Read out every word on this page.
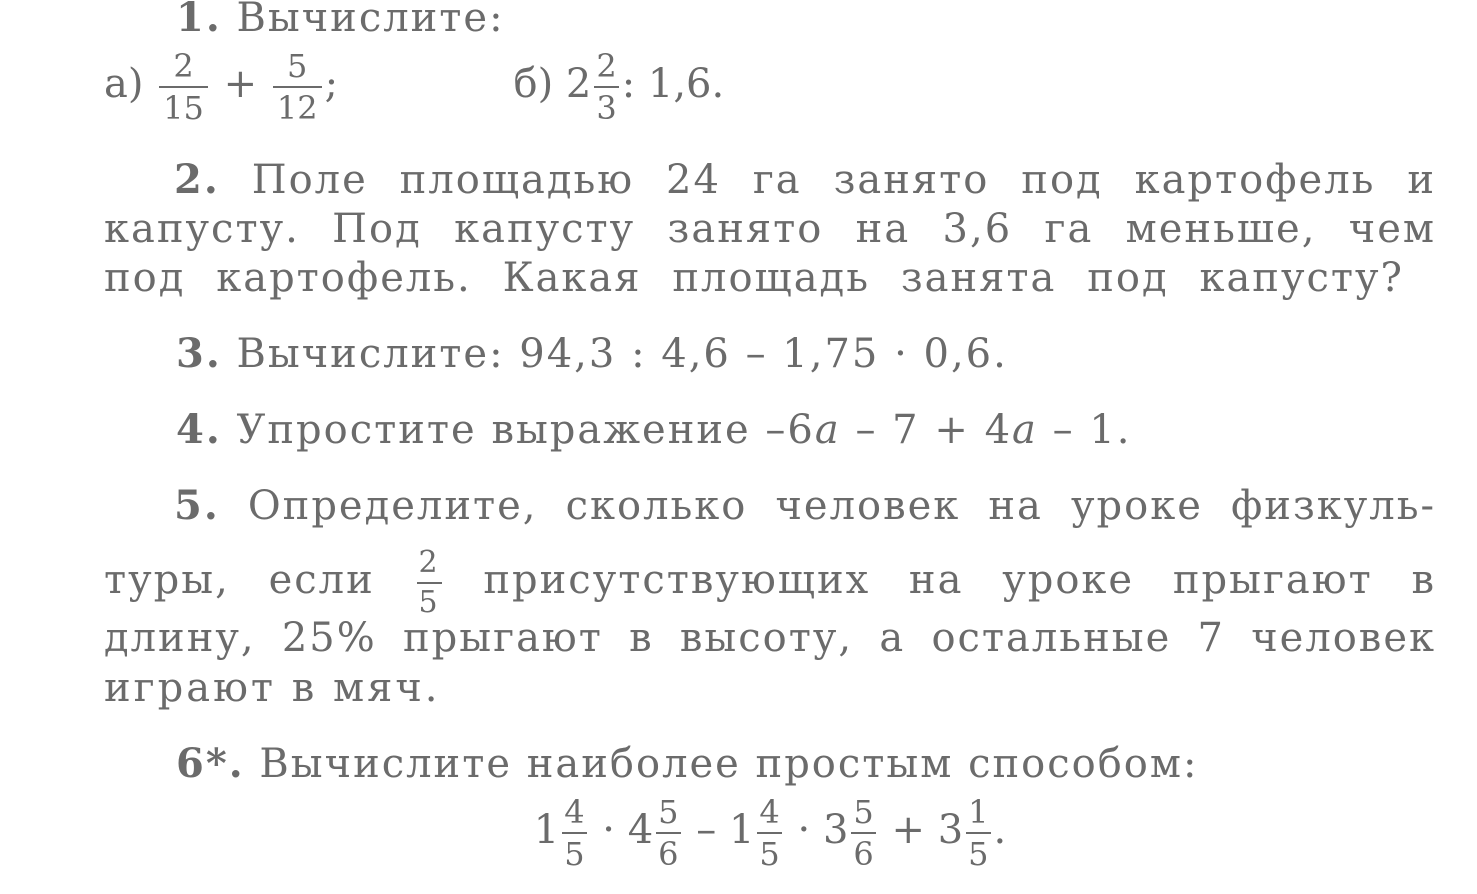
1. Вычислите:
$а) \frac{2}{15} + \frac{5}{12}$ ;	б) $2 \frac{2}{3}$ : 1,6.
2. Поле площадью 24 га занято под картофель и
капусту. Под капусту занято на 3,6 га меньше, чем
под картофель. Какая площадь занята под капусту?
3. Вычислите: 94,3 : 4,6 – 1,75 · 0,6.
4. Упростите выражение –6a – 7 + 4a – 1.
5. Определите, сколько человек на уроке физкуль-
туры, если $\frac{2}{5}$ присутствующих на уроке прыгают в
длину, 25% прыгают в высоту, а остальные 7 человек
играют в мяч.
6*. Вычислите наиболее простым способом:
$1 \frac{4}{5} \cdot 4 \frac{5}{6} - 1 \frac{4}{5} \cdot 3 \frac{5}{6} + 3 \frac{1}{5}$ .
